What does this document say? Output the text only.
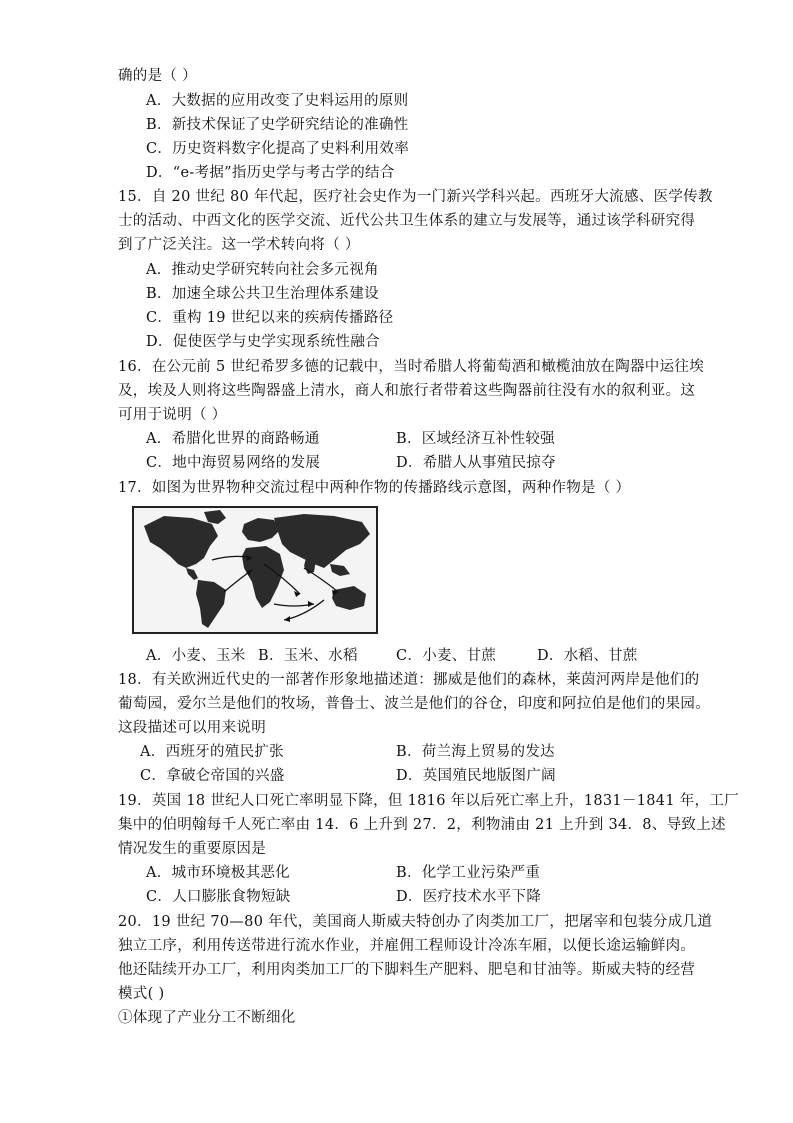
确的是（ ）
A．大数据的应用改变了史料运用的原则
B．新技术保证了史学研究结论的准确性
C．历史资料数字化提高了史料利用效率
D．“e-考据”指历史学与考古学的结合
15．自 20 世纪 80 年代起，医疗社会史作为一门新兴学科兴起。西班牙大流感、医学传教
士的活动、中西文化的医学交流、近代公共卫生体系的建立与发展等，通过该学科研究得
到了广泛关注。这一学术转向将（ ）
A．推动史学研究转向社会多元视角
B．加速全球公共卫生治理体系建设
C．重构 19 世纪以来的疾病传播路径
D．促使医学与史学实现系统性融合
16．在公元前 5 世纪希罗多德的记载中，当时希腊人将葡萄酒和橄榄油放在陶器中运往埃
及，埃及人则将这些陶器盛上清水，商人和旅行者带着这些陶器前往没有水的叙利亚。这
可用于说明（ ）
A．希腊化世界的商路畅通	B．区域经济互补性较强
C．地中海贸易网络的发展	D．希腊人从事殖民掠夺
17．如图为世界物种交流过程中两种作物的传播路线示意图，两种作物是（ ）
A．小麦、玉米 B．玉米、水稻	C．小麦、甘蔗	D．水稻、甘蔗
18．有关欧洲近代史的一部著作形象地描述道：挪威是他们的森林，莱茵河两岸是他们的
葡萄园，爱尔兰是他们的牧场，普鲁士、波兰是他们的谷仓，印度和阿拉伯是他们的果园。
这段描述可以用来说明
A．西班牙的殖民扩张	B．荷兰海上贸易的发达
C．拿破仑帝国的兴盛	D．英国殖民地版图广阔
19．英国 18 世纪人口死亡率明显下降，但 1816 年以后死亡率上升，1831－1841 年，工厂
集中的伯明翰每千人死亡率由 14．6 上升到 27．2，利物浦由 21 上升到 34．8、导致上述
情况发生的重要原因是
A．城市环境极其恶化	B．化学工业污染严重
C．人口膨胀食物短缺	D．医疗技术水平下降
20．19 世纪 70—80 年代，美国商人斯威夫特创办了肉类加工厂，把屠宰和包装分成几道
独立工序，利用传送带进行流水作业，并雇佣工程师设计冷冻车厢，以便长途运输鲜肉。
他还陆续开办工厂，利用肉类加工厂的下脚料生产肥料、肥皂和甘油等。斯威夫特的经营
模式( )
①体现了产业分工不断细化
